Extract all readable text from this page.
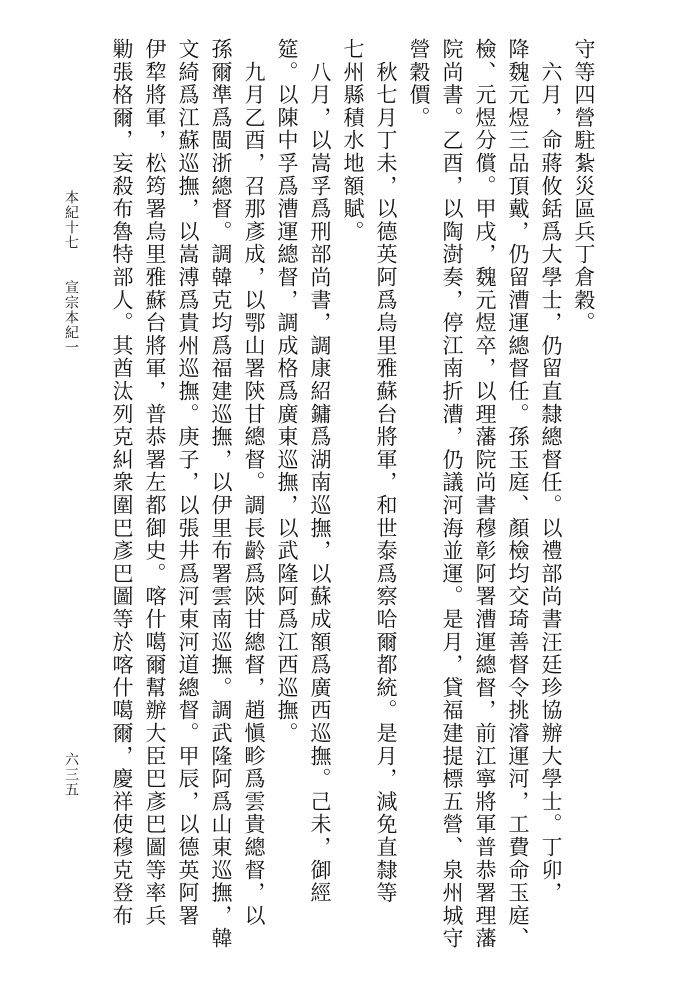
守等四營駐紮災區兵丁倉穀。
　六月，命蔣攸銛爲大學士，仍留直隸總督任。以禮部尚書汪廷珍協辦大學士。丁卯，
降魏元煜三品頂戴，仍留漕運總督任。孫玉庭、顏檢均交琦善督令挑濬運河，工費命玉庭、
檢、元煜分償。甲戌，魏元煜卒，以理藩院尚書穆彰阿署漕運總督，前江寧將軍普恭署理藩
院尚書。乙酉，以陶澍奏，停江南折漕，仍議河海並運。是月，貸福建提標五營、泉州城守
營穀價。
　秋七月丁未，以德英阿爲烏里雅蘇台將軍，和世泰爲察哈爾都統。是月，減免直隸等
七州縣積水地額賦。
　八月，以嵩孚爲刑部尚書，調康紹鏞爲湖南巡撫，以蘇成額爲廣西巡撫。己未，御經
筵。以陳中孚爲漕運總督，調成格爲廣東巡撫，以武隆阿爲江西巡撫。
　九月乙酉，召那彥成，以鄂山署陝甘總督。調長齡爲陝甘總督，趙愼畛爲雲貴總督，以
孫爾準爲閩浙總督。調韓克均爲福建巡撫，以伊里布署雲南巡撫。調武隆阿爲山東巡撫，韓
文綺爲江蘇巡撫，以嵩溥爲貴州巡撫。庚子，以張井爲河東河道總督。甲辰，以德英阿署
伊犂將軍，松筠署烏里雅蘇台將軍，普恭署左都御史。喀什噶爾幫辦大臣巴彥巴圖等率兵
勦張格爾，妄殺布魯特部人。其酋汰列克糾衆圍巴彥巴圖等於喀什噶爾，慶祥使穆克登布
本紀十七　　宣宗本紀一
六三五
